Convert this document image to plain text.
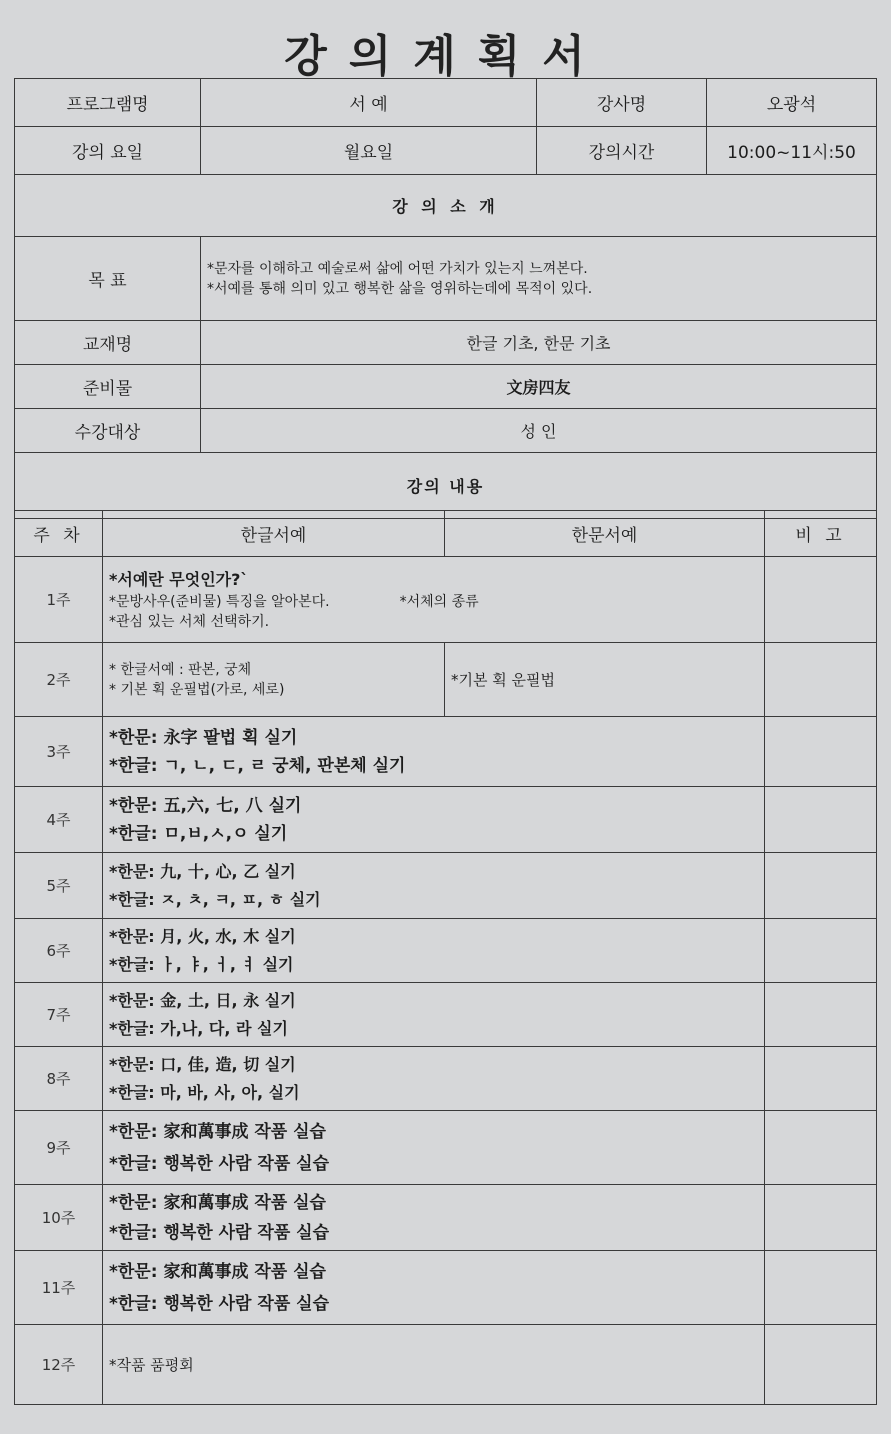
강의계획서
프로그램명	서 예	강사명	오광석
강의 요일	월요일	강의시간	10:00~11시:50
강 의 소 개			
목 표	*문자를 이해하고 예술로써 삶에 어떤 가치가 있는지 느껴본다.
*서예를 통해 의미 있고 행복한 삶을 영위하는데에 목적이 있다.		

교재명	한글 기초, 한문 기초		
준비물	文房四友		
수강대상	성 인		
강의 내용			
주 차	한글서예	한문서예	비 고
1주	*서예란 무엇인가?`
*문방사우(준비물) 특징을 알아본다. *서체의 종류
*관심 있는 서체 선택하기.		

2주	* 한글서예 : 판본, 궁체
* 기본 획 운필법(가로, 세로)	*기본 획 운필법	
3주	*한문: 永字 팔법 획 실기
*한글: ㄱ, ㄴ, ㄷ, ㄹ 궁체, 판본체 실기		

4주	*한문: 五,六, 七, 八 실기
*한글: ㅁ,ㅂ,ㅅ,ㅇ 실기		

5주	*한문: 九, 十, 心, 乙 실기
*한글: ㅈ, ㅊ, ㅋ, ㅍ, ㅎ 실기		

6주	*한문: 月, 火, 水, 木 실기
*한글: ㅏ, ㅑ, ㅓ, ㅕ 실기		

7주	*한문: 金, 土, 日, 永 실기
*한글: 가,나, 다, 라 실기		

8주	*한문: 口, 佳, 造, 切 실기
*한글: 마, 바, 사, 아, 실기		

9주	*한문: 家和萬事成 작품 실습
*한글: 행복한 사람 작품 실습		

10주	*한문: 家和萬事成 작품 실습
*한글: 행복한 사람 작품 실습		

11주	*한문: 家和萬事成 작품 실습
*한글: 행복한 사람 작품 실습		

12주	*작품 품평회		
